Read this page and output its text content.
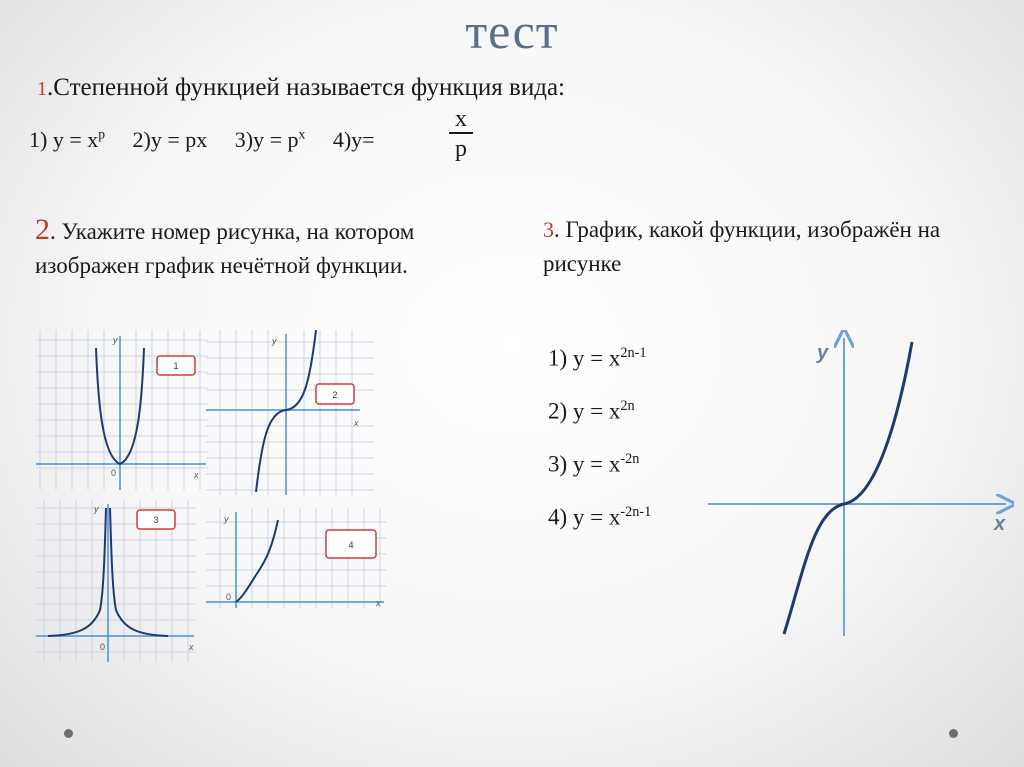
тест
1.Степенной функцией называется функция вида:
1) $у = х^р$ 2)у = рх $3)у = р^х$ 4)у=
х
р
2. Укажите номер рисунка, на котором изображен график нечётной функции.
3. График, какой функции, изображён на рисунке
1) $у = х^{2n-1}$
2) $у = х^{2n}$
3) $у = х^{-2n}$
4) $у = х^{-2n-1}$
y
x
0
1
y
x
2
y
x
0
3	y
x
0
4
y
x
